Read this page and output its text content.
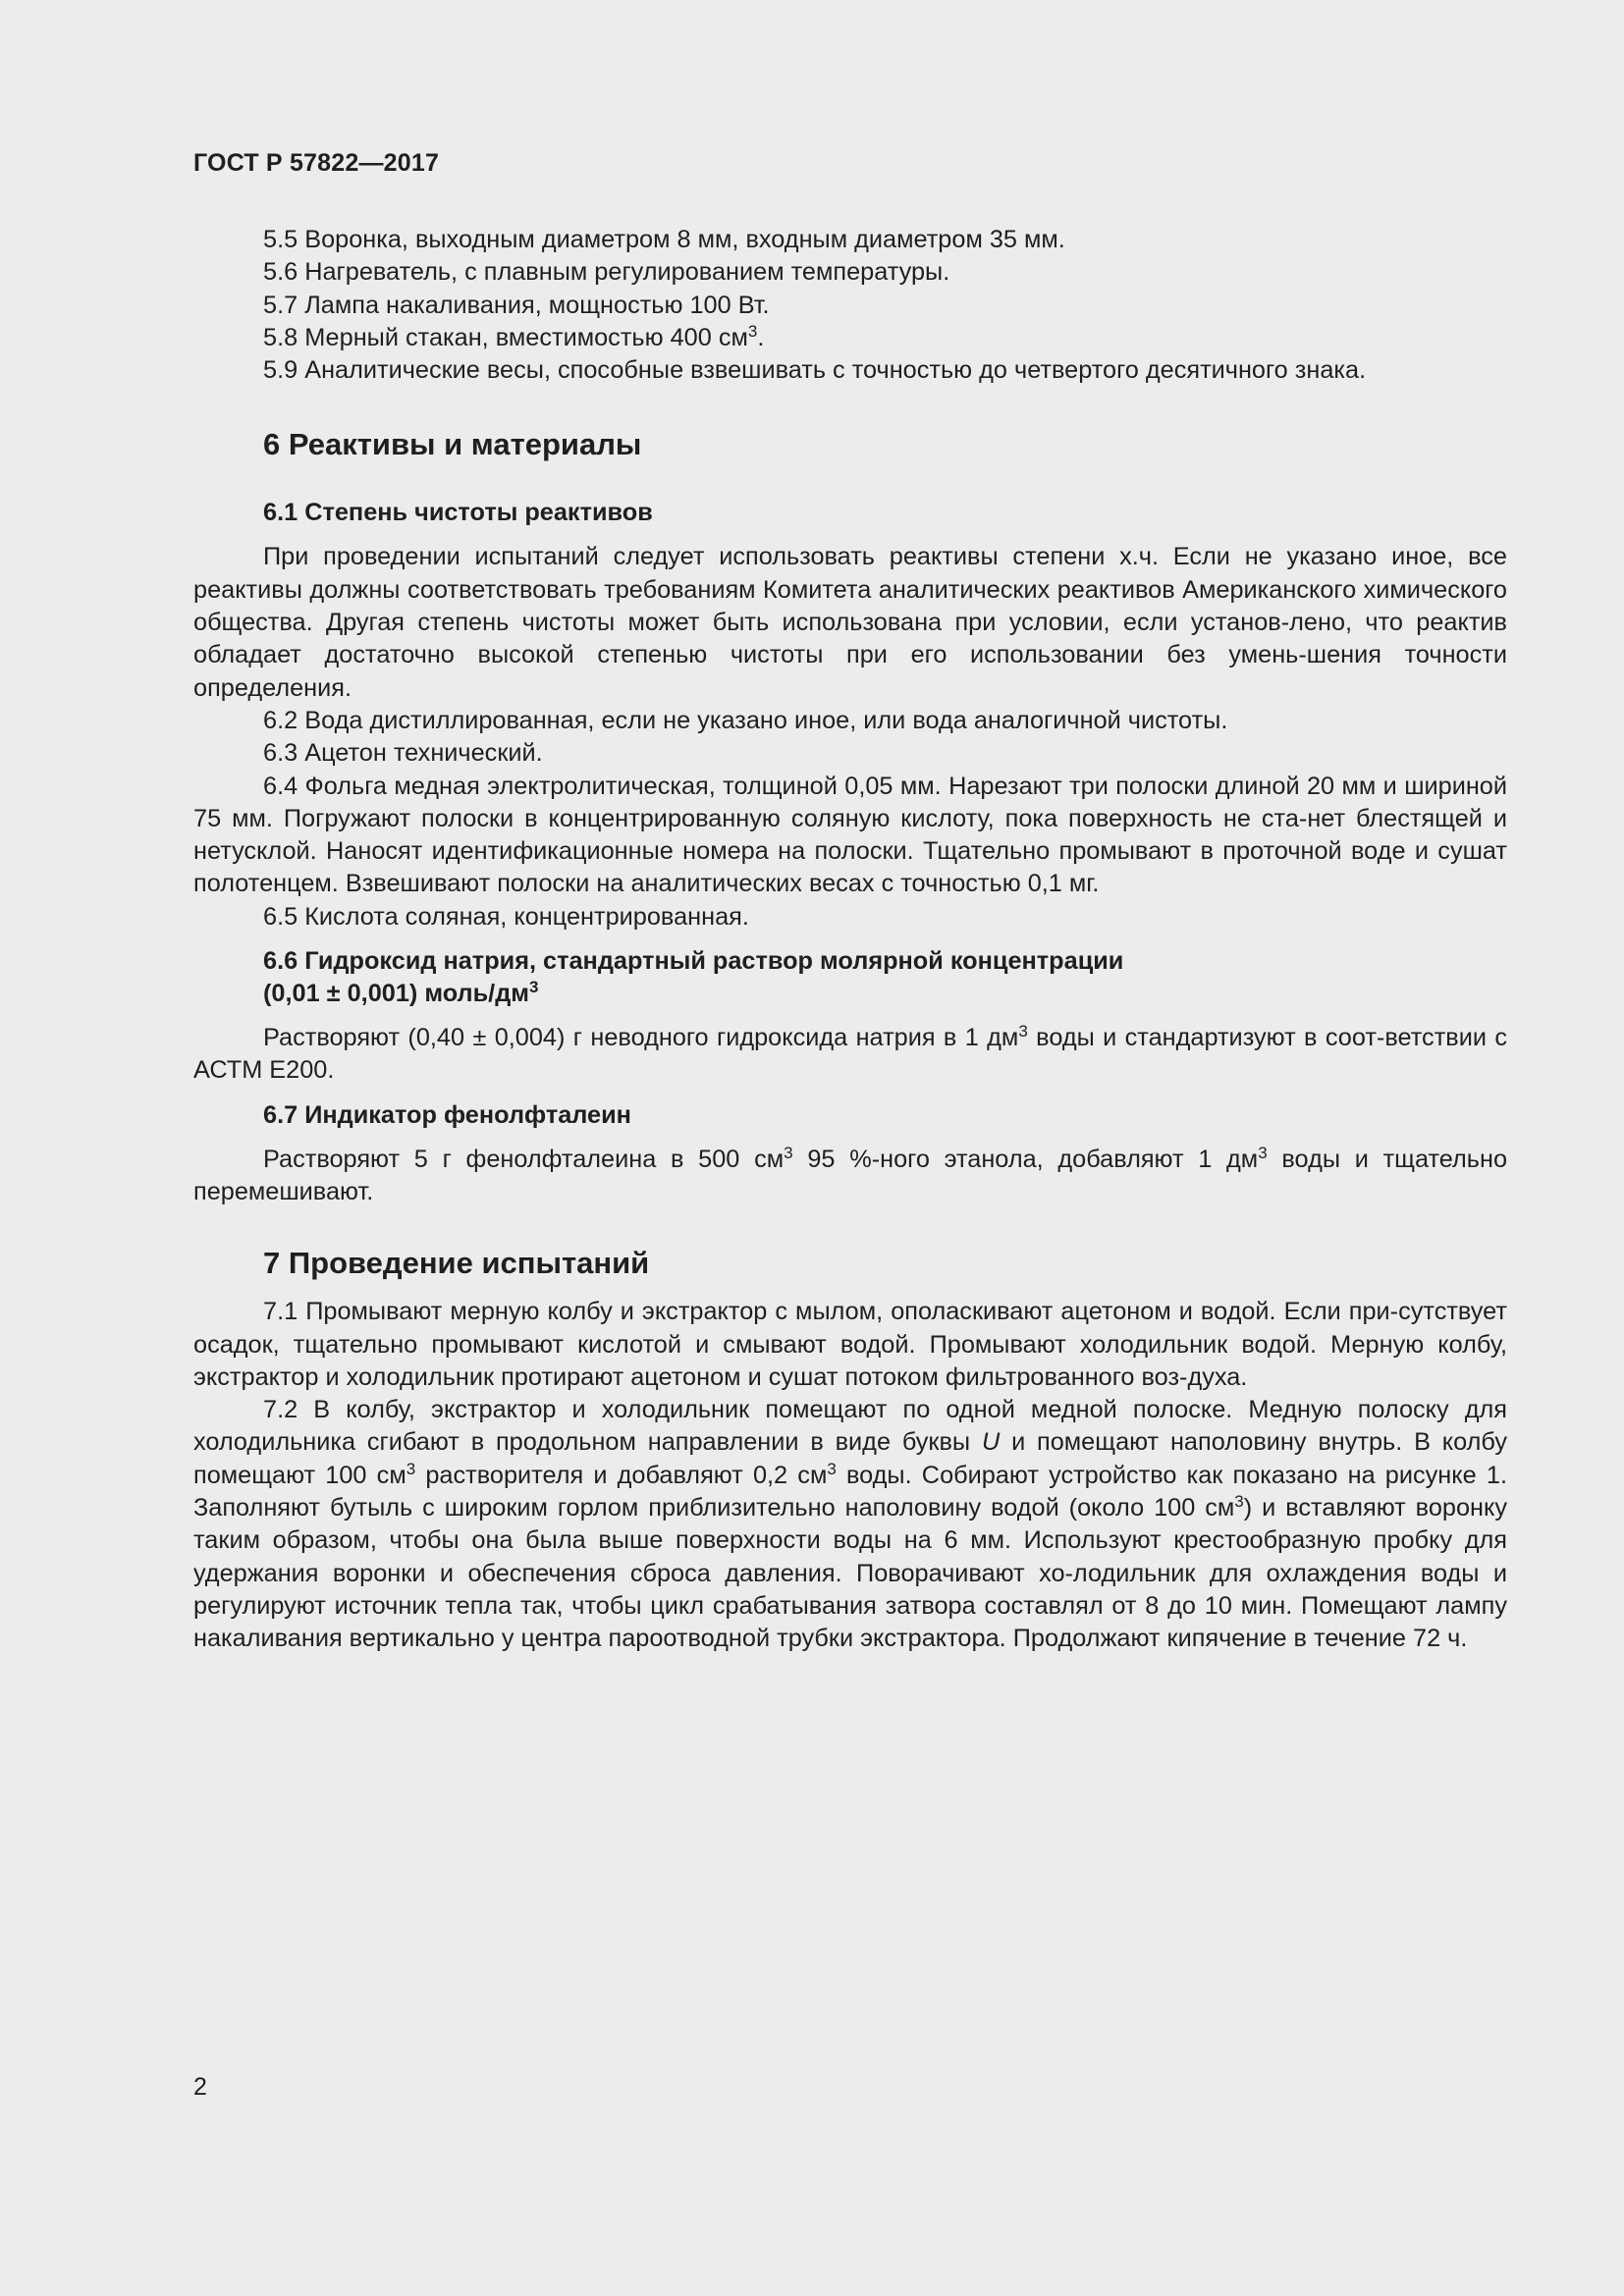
ГОСТ Р 57822—2017
5.5 Воронка, выходным диаметром 8 мм, входным диаметром 35 мм.
5.6 Нагреватель, с плавным регулированием температуры.
5.7 Лампа накаливания, мощностью 100 Вт.
5.8 Мерный стакан, вместимостью 400 $см^3$.
5.9 Аналитические весы, способные взвешивать с точностью до четвертого десятичного знака.
6 Реактивы и материалы
6.1 Степень чистоты реактивов
При проведении испытаний следует использовать реактивы степени х.ч. Если не указано иное, все реактивы должны соответствовать требованиям Комитета аналитических реактивов Американского химического общества. Другая степень чистоты может быть использована при условии, если установ-лено, что реактив обладает достаточно высокой степенью чистоты при его использовании без умень-шения точности определения.
6.2 Вода дистиллированная, если не указано иное, или вода аналогичной чистоты.
6.3 Ацетон технический.
6.4 Фольга медная электролитическая, толщиной 0,05 мм. Нарезают три полоски длиной 20 мм и шириной 75 мм. Погружают полоски в концентрированную соляную кислоту, пока поверхность не ста-нет блестящей и нетусклой. Наносят идентификационные номера на полоски. Тщательно промывают в проточной воде и сушат полотенцем. Взвешивают полоски на аналитических весах с точностью 0,1 мг.
6.5 Кислота соляная, концентрированная.
6.6 Гидроксид натрия, стандартный раствор молярной концентрации
(0,01 ± 0,001) моль/$дм^3$
Растворяют (0,40 ± 0,004) г неводного гидроксида натрия в 1 $дм^3$ воды и стандартизуют в соот-ветствии с АСТМ Е200.
6.7 Индикатор фенолфталеин
Растворяют 5 г фенолфталеина в 500 $см^3$ 95 %-ного этанола, добавляют 1 $дм^3$ воды и тщательно перемешивают.
7 Проведение испытаний
7.1 Промывают мерную колбу и экстрактор с мылом, ополаскивают ацетоном и водой. Если при-сутствует осадок, тщательно промывают кислотой и смывают водой. Промывают холодильник водой. Мерную колбу, экстрактор и холодильник протирают ацетоном и сушат потоком фильтрованного воз-духа.
7.2 В колбу, экстрактор и холодильник помещают по одной медной полоске. Медную полоску для холодильника сгибают в продольном направлении в виде буквы U и помещают наполовину внутрь. В колбу помещают 100 $см^3$ растворителя и добавляют 0,2 $см^3$ воды. Собирают устройство как показано на рисунке 1. Заполняют бутыль с широким горлом приблизительно наполовину водой (около 100 $см^3$) и вставляют воронку таким образом, чтобы она была выше поверхности воды на 6 мм. Используют крестообразную пробку для удержания воронки и обеспечения сброса давления. Поворачивают хо-лодильник для охлаждения воды и регулируют источник тепла так, чтобы цикл срабатывания затвора составлял от 8 до 10 мин. Помещают лампу накаливания вертикально у центра пароотводной трубки экстрактора. Продолжают кипячение в течение 72 ч.
2
